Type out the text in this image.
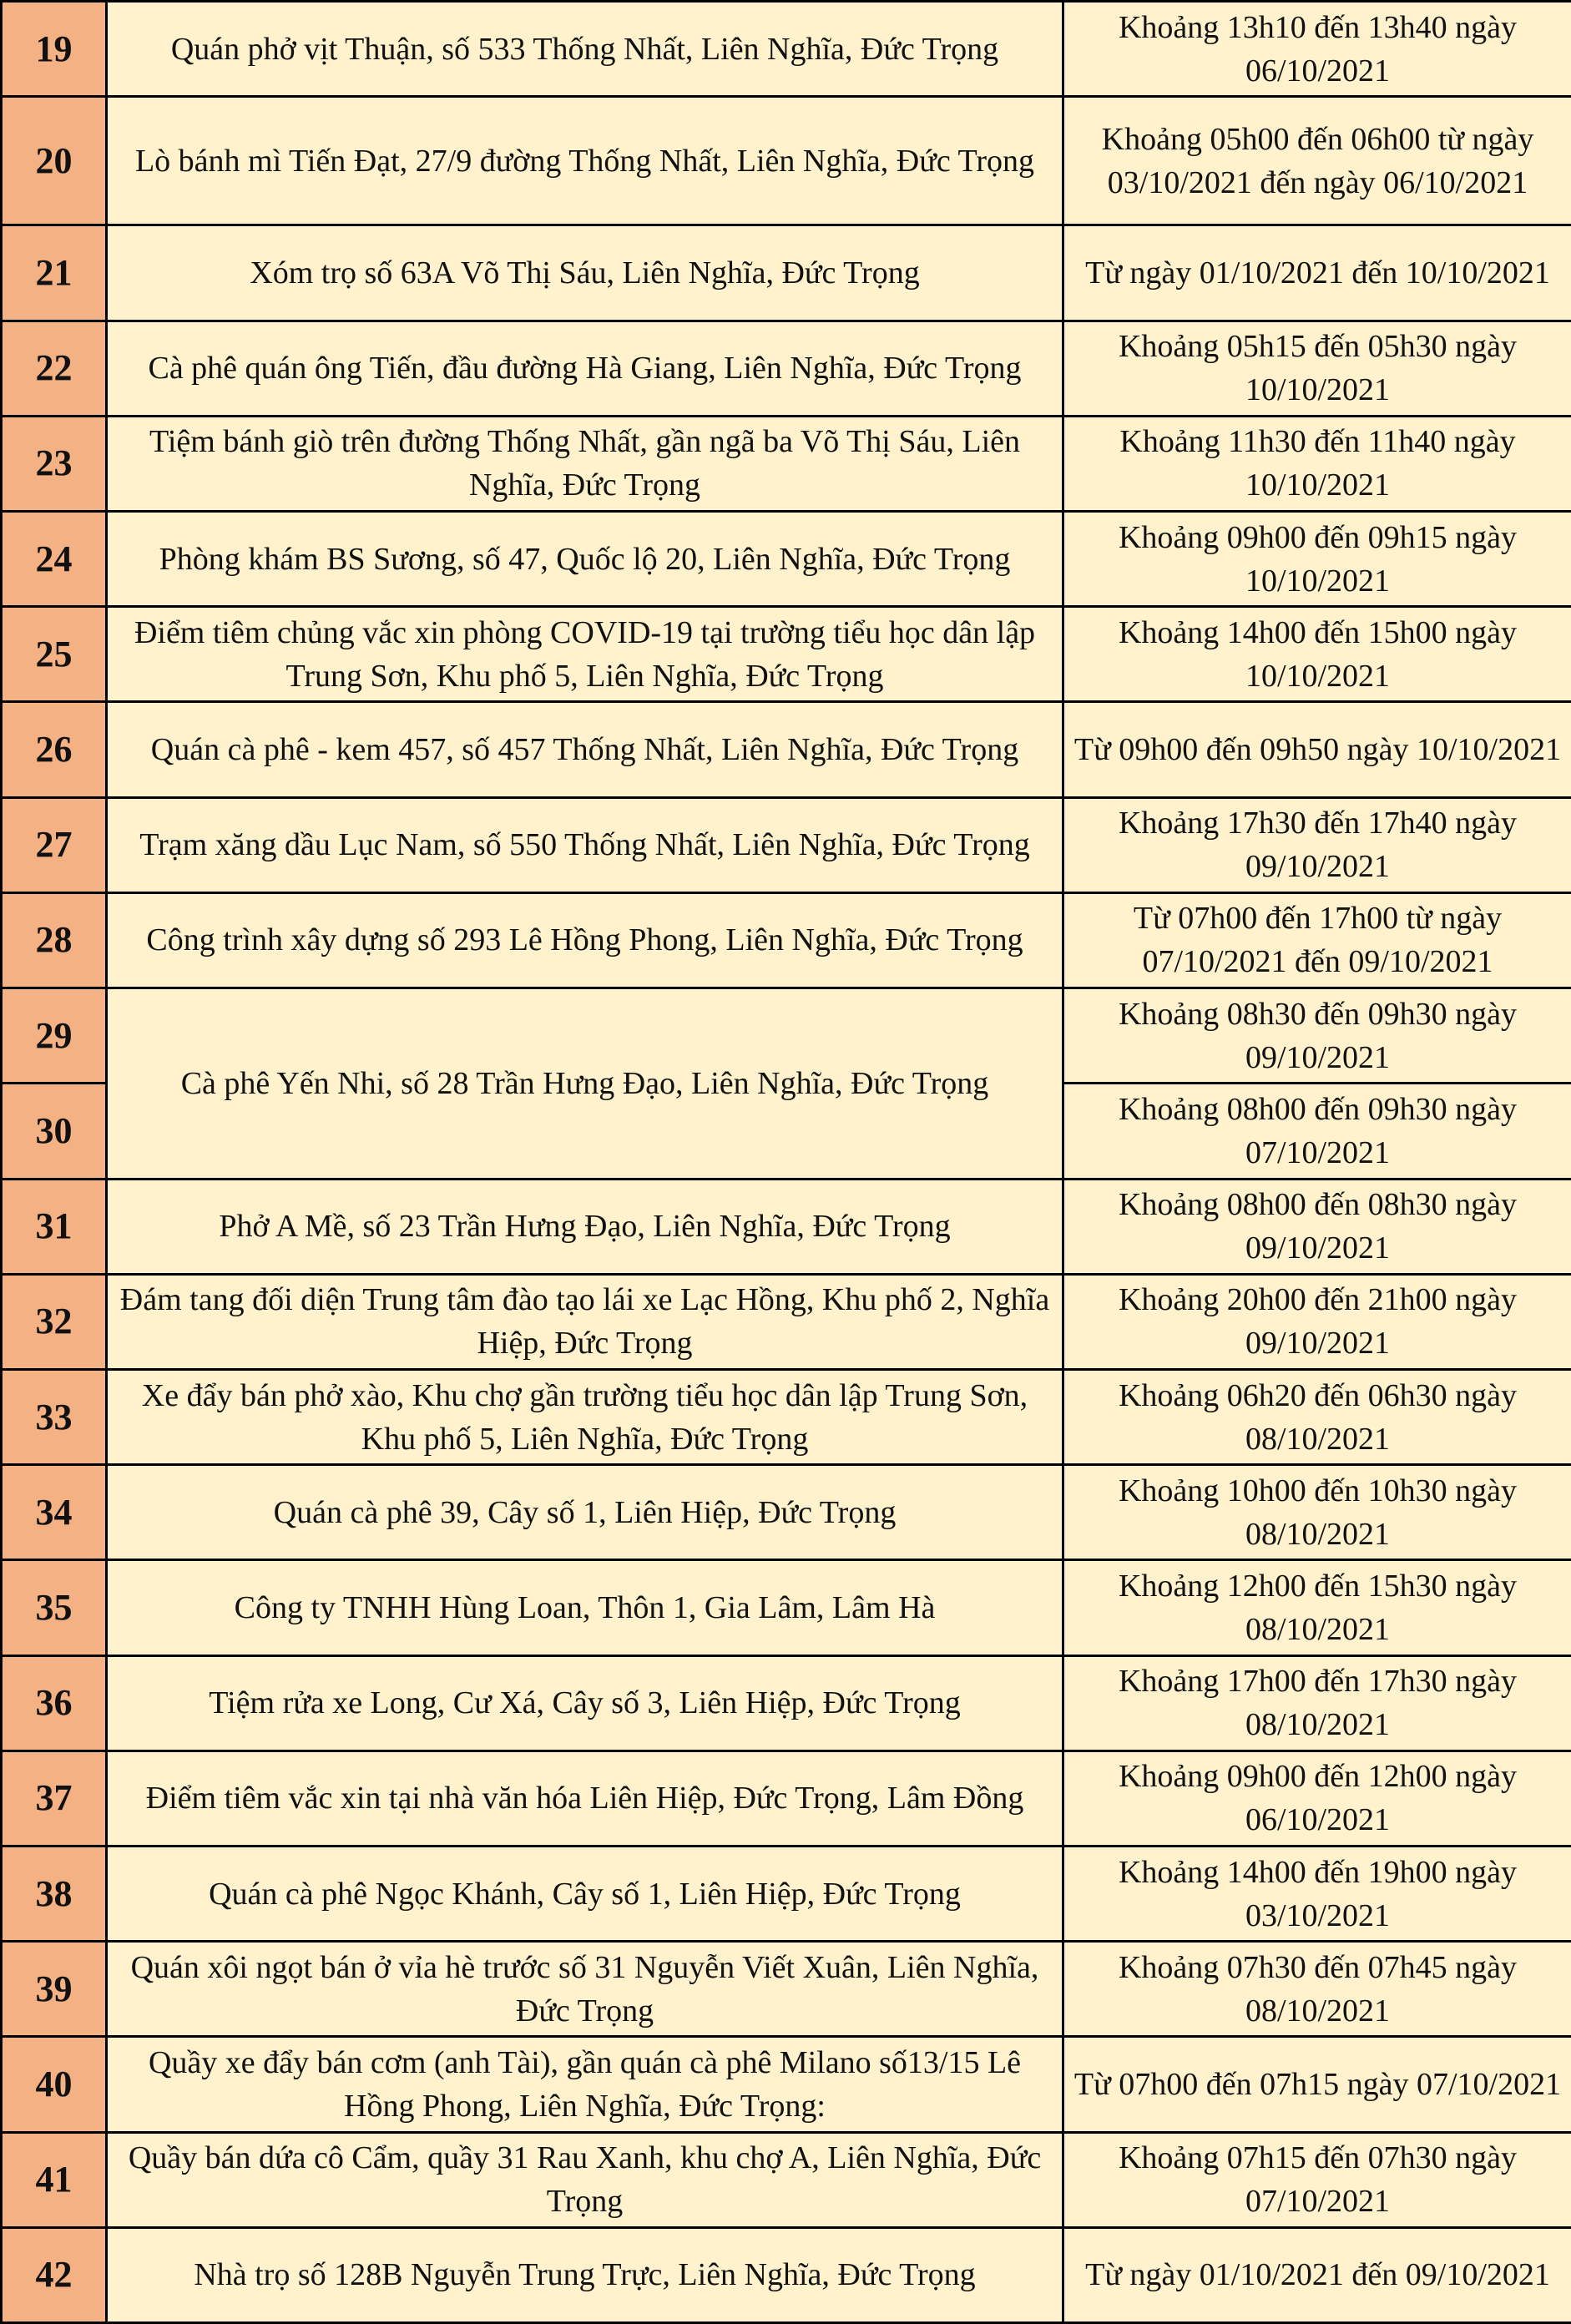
19	Quán phở vịt Thuận, số 533 Thống Nhất, Liên Nghĩa, Đức Trọng	Khoảng 13h10 đến 13h40 ngày 06/10/2021
20	Lò bánh mì Tiến Đạt, 27/9 đường Thống Nhất, Liên Nghĩa, Đức Trọng	Khoảng 05h00 đến 06h00 từ ngày 03/10/2021 đến ngày 06/10/2021
21	Xóm trọ số 63A Võ Thị Sáu, Liên Nghĩa, Đức Trọng	Từ ngày 01/10/2021 đến 10/10/2021
22	Cà phê quán ông Tiến, đầu đường Hà Giang, Liên Nghĩa, Đức Trọng	Khoảng 05h15 đến 05h30 ngày 10/10/2021
23	Tiệm bánh giò trên đường Thống Nhất, gần ngã ba Võ Thị Sáu, Liên Nghĩa, Đức Trọng	Khoảng 11h30 đến 11h40 ngày 10/10/2021
24	Phòng khám BS Sương, số 47, Quốc lộ 20, Liên Nghĩa, Đức Trọng	Khoảng 09h00 đến 09h15 ngày 10/10/2021
25	Điểm tiêm chủng vắc xin phòng COVID-19 tại trường tiểu học dân lập Trung Sơn, Khu phố 5, Liên Nghĩa, Đức Trọng	Khoảng 14h00 đến 15h00 ngày 10/10/2021
26	Quán cà phê - kem 457, số 457 Thống Nhất, Liên Nghĩa, Đức Trọng	Từ 09h00 đến 09h50 ngày 10/10/2021
27	Trạm xăng dầu Lục Nam, số 550 Thống Nhất, Liên Nghĩa, Đức Trọng	Khoảng 17h30 đến 17h40 ngày 09/10/2021
28	Công trình xây dựng số 293 Lê Hồng Phong, Liên Nghĩa, Đức Trọng	Từ 07h00 đến 17h00 từ ngày 07/10/2021 đến 09/10/2021
29	Cà phê Yến Nhi, số 28 Trần Hưng Đạo, Liên Nghĩa, Đức Trọng	Khoảng 08h30 đến 09h30 ngày 09/10/2021
30		Khoảng 08h00 đến 09h30 ngày 07/10/2021
31	Phở A Mề, số 23 Trần Hưng Đạo, Liên Nghĩa, Đức Trọng	Khoảng 08h00 đến 08h30 ngày 09/10/2021
32	Đám tang đối diện Trung tâm đào tạo lái xe Lạc Hồng, Khu phố 2, Nghĩa Hiệp, Đức Trọng	Khoảng 20h00 đến 21h00 ngày 09/10/2021
33	Xe đẩy bán phở xào, Khu chợ gần trường tiểu học dân lập Trung Sơn, Khu phố 5, Liên Nghĩa, Đức Trọng	Khoảng 06h20 đến 06h30 ngày 08/10/2021
34	Quán cà phê 39, Cây số 1, Liên Hiệp, Đức Trọng	Khoảng 10h00 đến 10h30 ngày 08/10/2021
35	Công ty TNHH Hùng Loan, Thôn 1, Gia Lâm, Lâm Hà	Khoảng 12h00 đến 15h30 ngày 08/10/2021
36	Tiệm rửa xe Long, Cư Xá, Cây số 3, Liên Hiệp, Đức Trọng	Khoảng 17h00 đến 17h30 ngày 08/10/2021
37	Điểm tiêm vắc xin tại nhà văn hóa Liên Hiệp, Đức Trọng, Lâm Đồng	Khoảng 09h00 đến 12h00 ngày 06/10/2021
38	Quán cà phê Ngọc Khánh, Cây số 1, Liên Hiệp, Đức Trọng	Khoảng 14h00 đến 19h00 ngày 03/10/2021
39	Quán xôi ngọt bán ở vỉa hè trước số 31 Nguyễn Viết Xuân, Liên Nghĩa, Đức Trọng	Khoảng 07h30 đến 07h45 ngày 08/10/2021
40	Quầy xe đẩy bán cơm (anh Tài), gần quán cà phê Milano số13/15 Lê Hồng Phong, Liên Nghĩa, Đức Trọng:	Từ 07h00 đến 07h15 ngày 07/10/2021
41	Quầy bán dứa cô Cẩm, quầy 31 Rau Xanh, khu chợ A, Liên Nghĩa, Đức Trọng	Khoảng 07h15 đến 07h30 ngày 07/10/2021
42	Nhà trọ số 128B Nguyễn Trung Trực, Liên Nghĩa, Đức Trọng	Từ ngày 01/10/2021 đến 09/10/2021
